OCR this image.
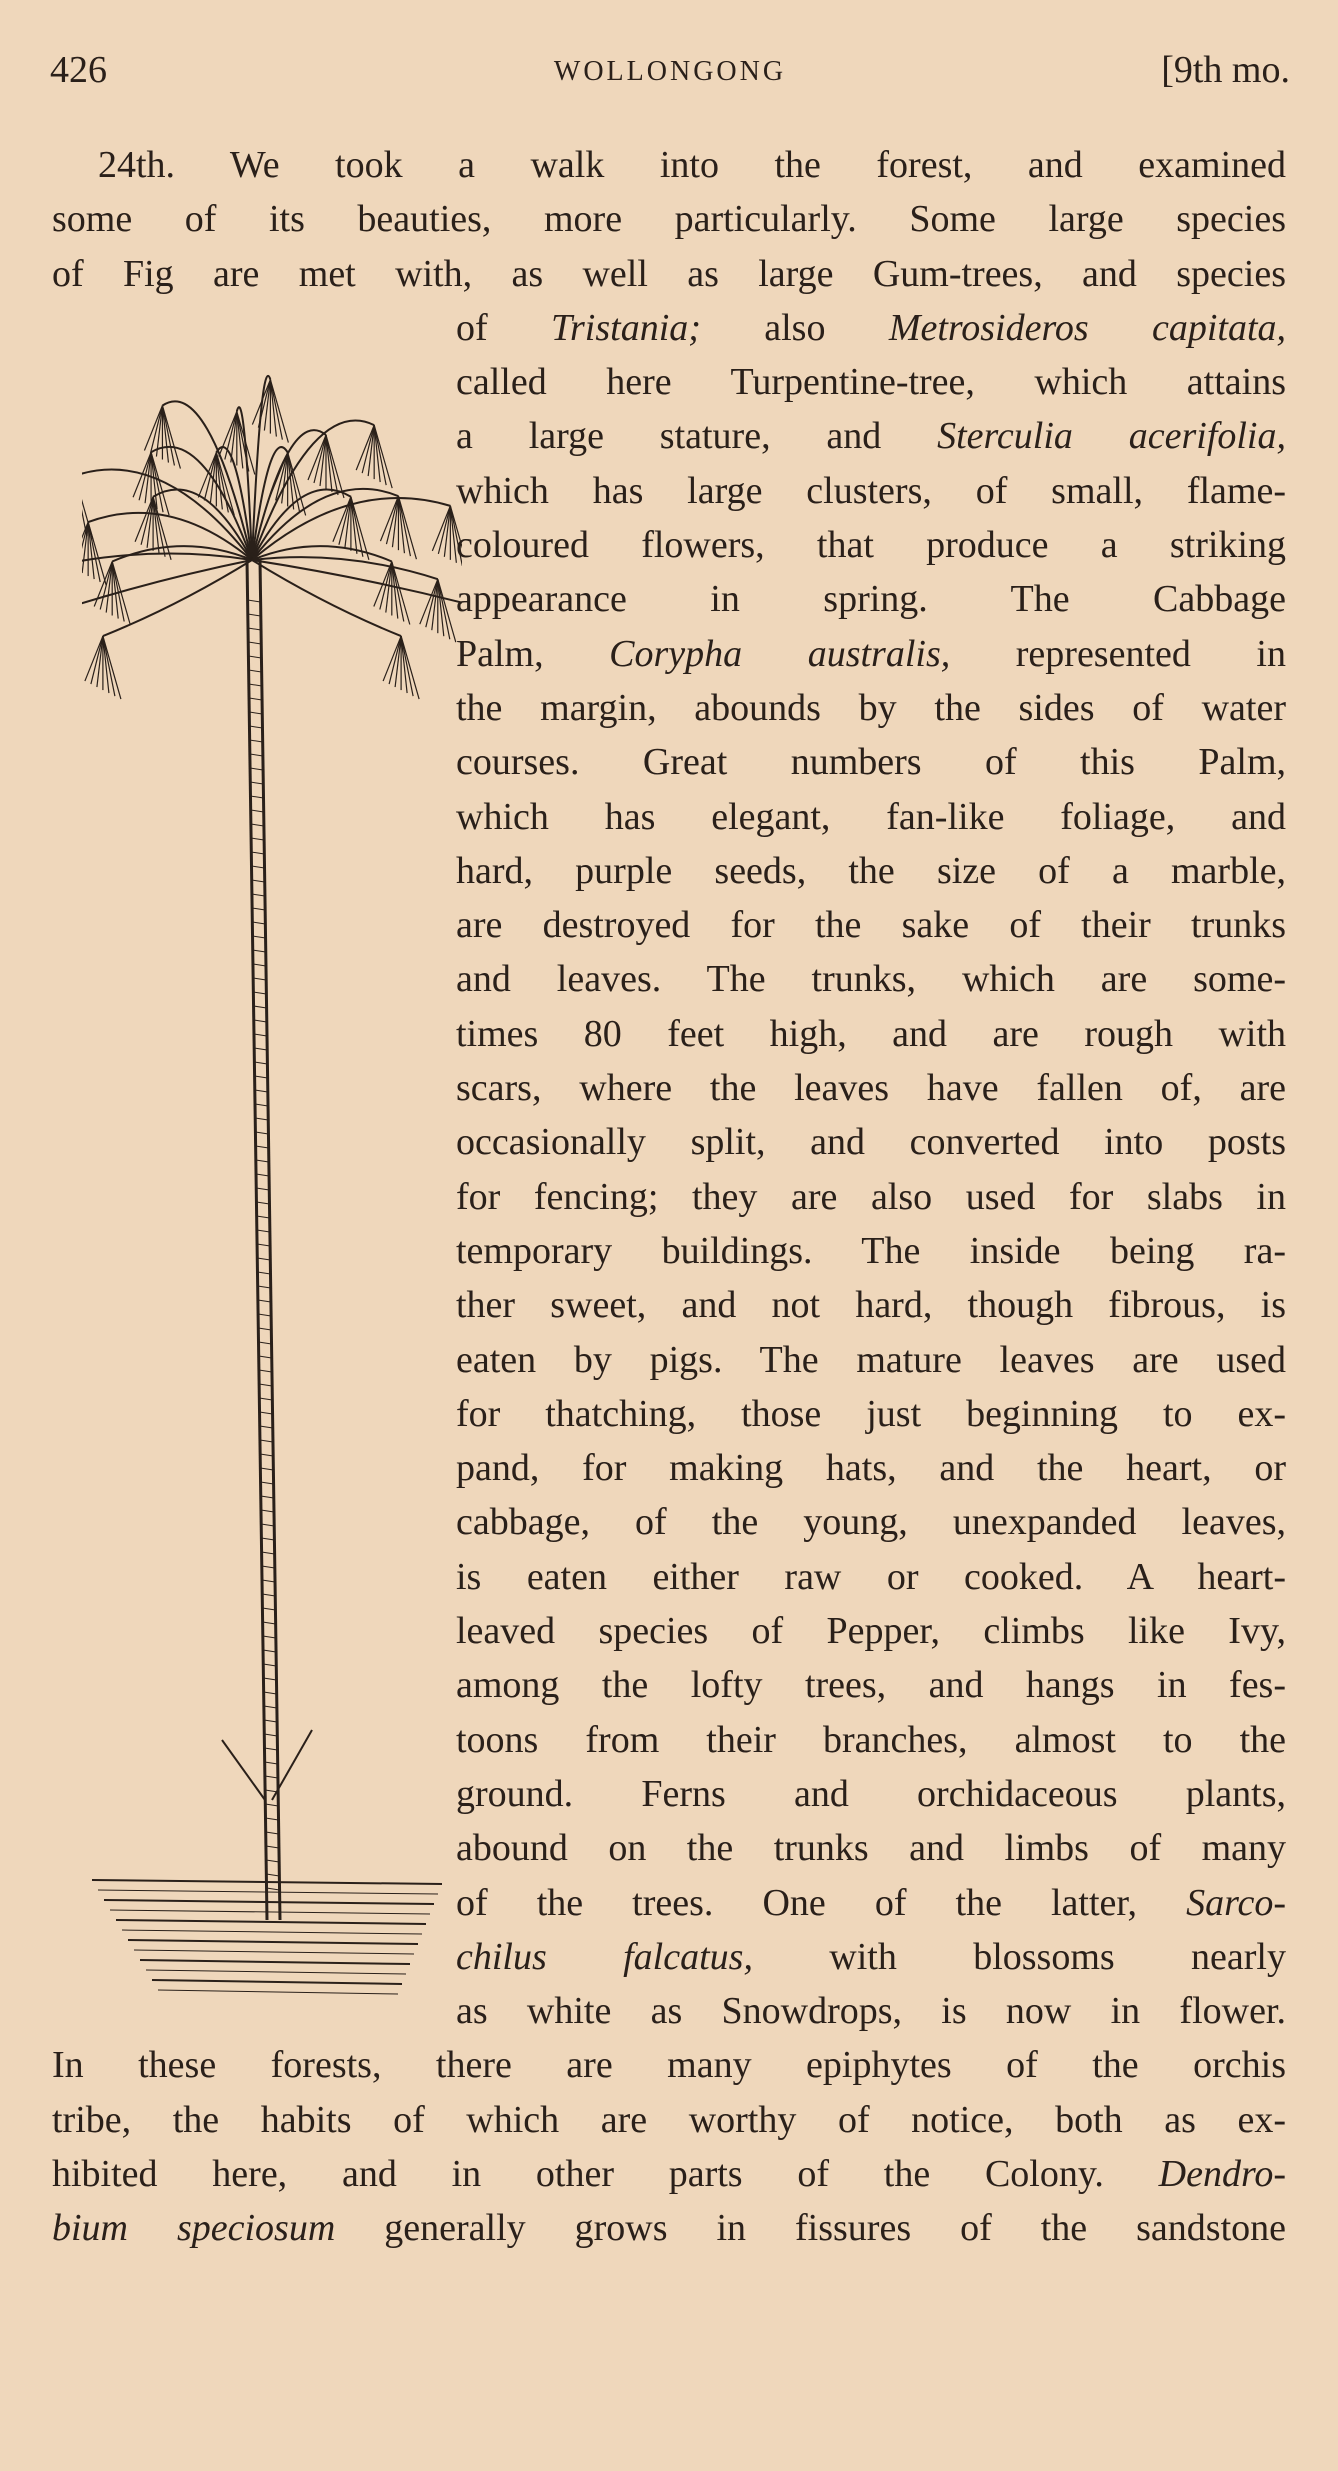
426	WOLLONGONG	[9th mo.
24th. We took a walk into the forest, and examined
some of its beauties, more particularly. Some large species
of Fig are met with, as well as large Gum-trees, and species
of Tristania; also Metrosideros capitata,
called here Turpentine-tree, which attains
a large stature, and Sterculia acerifolia,
which has large clusters, of small, flame-
coloured flowers, that produce a striking
appearance in spring. The Cabbage
Palm, Corypha australis, represented in
the margin, abounds by the sides of water
courses. Great numbers of this Palm,
which has elegant, fan-like foliage, and
hard, purple seeds, the size of a marble,
are destroyed for the sake of their trunks
and leaves. The trunks, which are some-
times 80 feet high, and are rough with
scars, where the leaves have fallen of, are
occasionally split, and converted into posts
for fencing; they are also used for slabs in
temporary buildings. The inside being ra-
ther sweet, and not hard, though fibrous, is
eaten by pigs. The mature leaves are used
for thatching, those just beginning to ex-
pand, for making hats, and the heart, or
cabbage, of the young, unexpanded leaves,
is eaten either raw or cooked. A heart-
leaved species of Pepper, climbs like Ivy,
among the lofty trees, and hangs in fes-
toons from their branches, almost to the
ground. Ferns and orchidaceous plants,
abound on the trunks and limbs of many
of the trees. One of the latter, Sarco-
chilus falcatus, with blossoms nearly
as white as Snowdrops, is now in flower.
In these forests, there are many epiphytes of the orchis
tribe, the habits of which are worthy of notice, both as ex-
hibited here, and in other parts of the Colony. Dendro-
bium speciosum generally grows in fissures of the sandstone
